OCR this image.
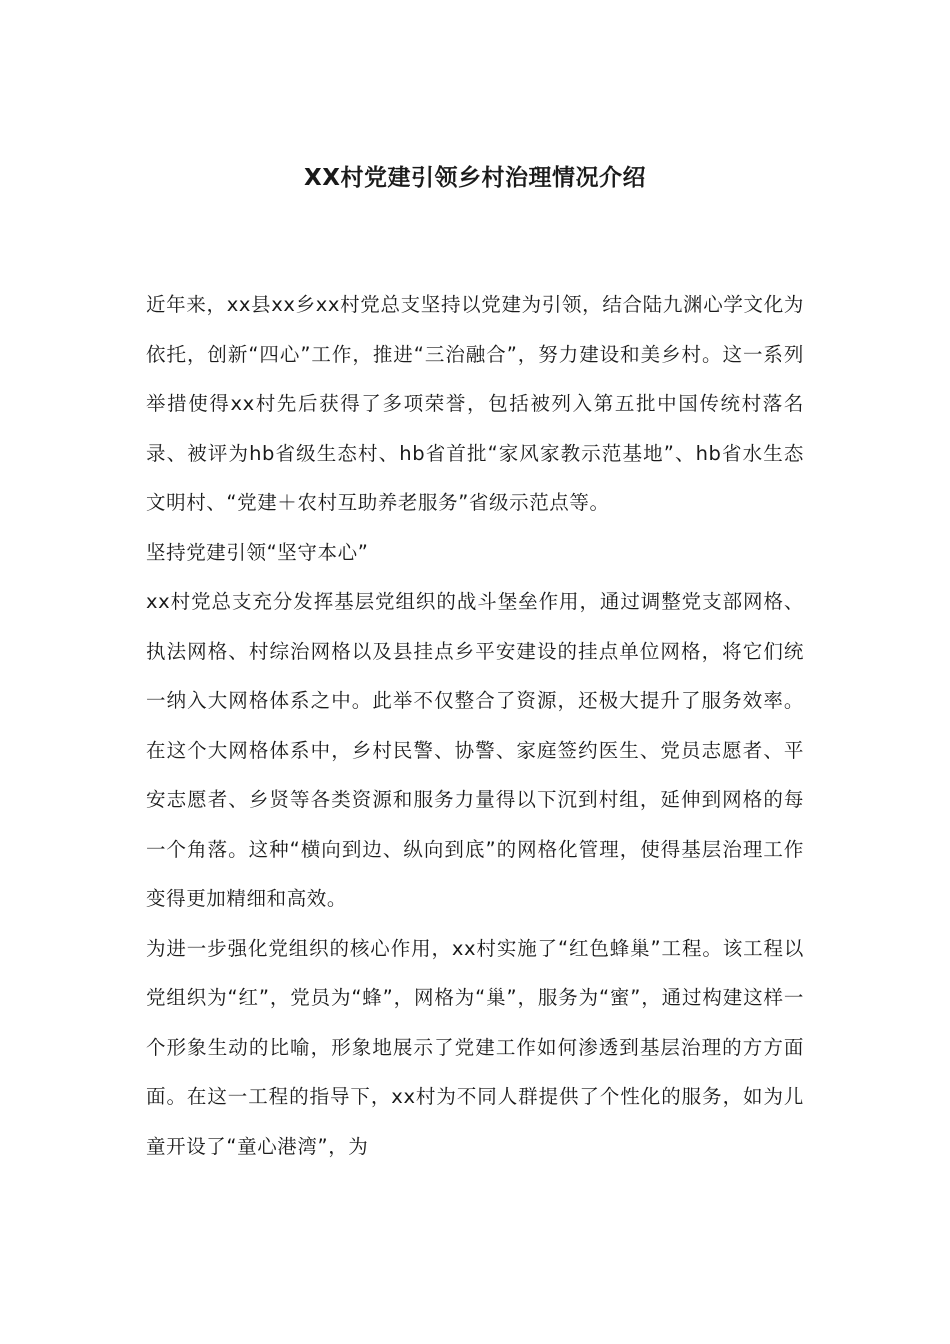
XX村党建引领乡村治理情况介绍

近年来，xx县xx乡xx村党总支坚持以党建为引领，结合陆九渊心学文化为依托，创新“四心”工作，推进“三治融合”，努力建设和美乡村。这一系列举措使得xx村先后获得了多项荣誉，包括被列入第五批中国传统村落名录、被评为hb省级生态村、hb省首批“家风家教示范基地”、hb省水生态文明村、“党建＋农村互助养老服务”省级示范点等。

坚持党建引领“坚守本心”

xx村党总支充分发挥基层党组织的战斗堡垒作用，通过调整党支部网格、执法网格、村综治网格以及县挂点乡平安建设的挂点单位网格，将它们统一纳入大网格体系之中。此举不仅整合了资源，还极大提升了服务效率。在这个大网格体系中，乡村民警、协警、家庭签约医生、党员志愿者、平安志愿者、乡贤等各类资源和服务力量得以下沉到村组，延伸到网格的每一个角落。这种“横向到边、纵向到底”的网格化管理，使得基层治理工作变得更加精细和高效。

为进一步强化党组织的核心作用，xx村实施了“红色蜂巢”工程。该工程以党组织为“红”，党员为“蜂”，网格为“巢”，服务为“蜜”，通过构建这样一个形象生动的比喻，形象地展示了党建工作如何渗透到基层治理的方方面面。在这一工程的指导下，xx村为不同人群提供了个性化的服务，如为儿童开设了“童心港湾”，为
